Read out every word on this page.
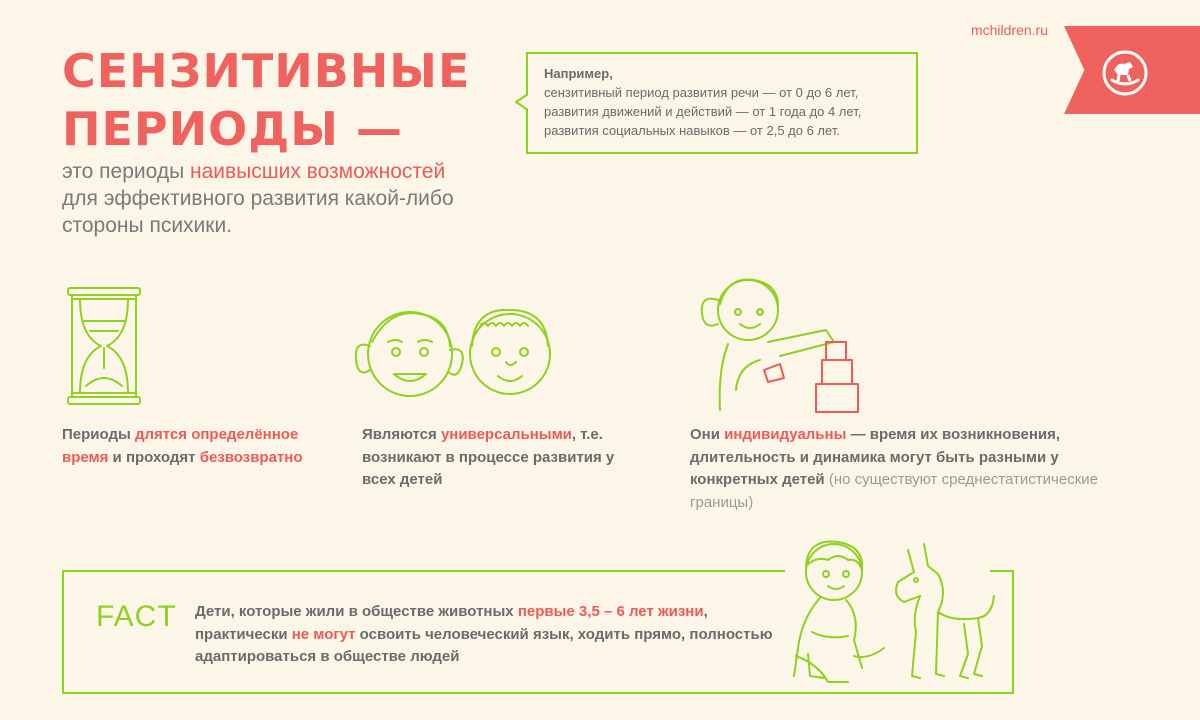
СЕНЗИТИВНЫЕ
ПЕРИОДЫ —
это периоды наивысших возможностей
для эффективного развития какой-либо стороны психики.
mchildren.ru
Например,
сензитивный период развития речи — от 0 до 6 лет,
развития движений и действий — от 1 года до 4 лет,
развития социальных навыков — от 2,5 до 6 лет.
Периоды длятся определённое время и проходят безвозвратно
Являются универсальными, т.е. возникают в процессе развития у всех детей
Они индивидуальны — время их возникновения, длительность и динамика могут быть разными у конкретных детей (но существуют среднестатистические границы)
FACT Дети, которые жили в обществе животных первые 3,5 – 6 лет жизни, практически не могут освоить человеческий язык, ходить прямо, полностью адаптироваться в обществе людей
